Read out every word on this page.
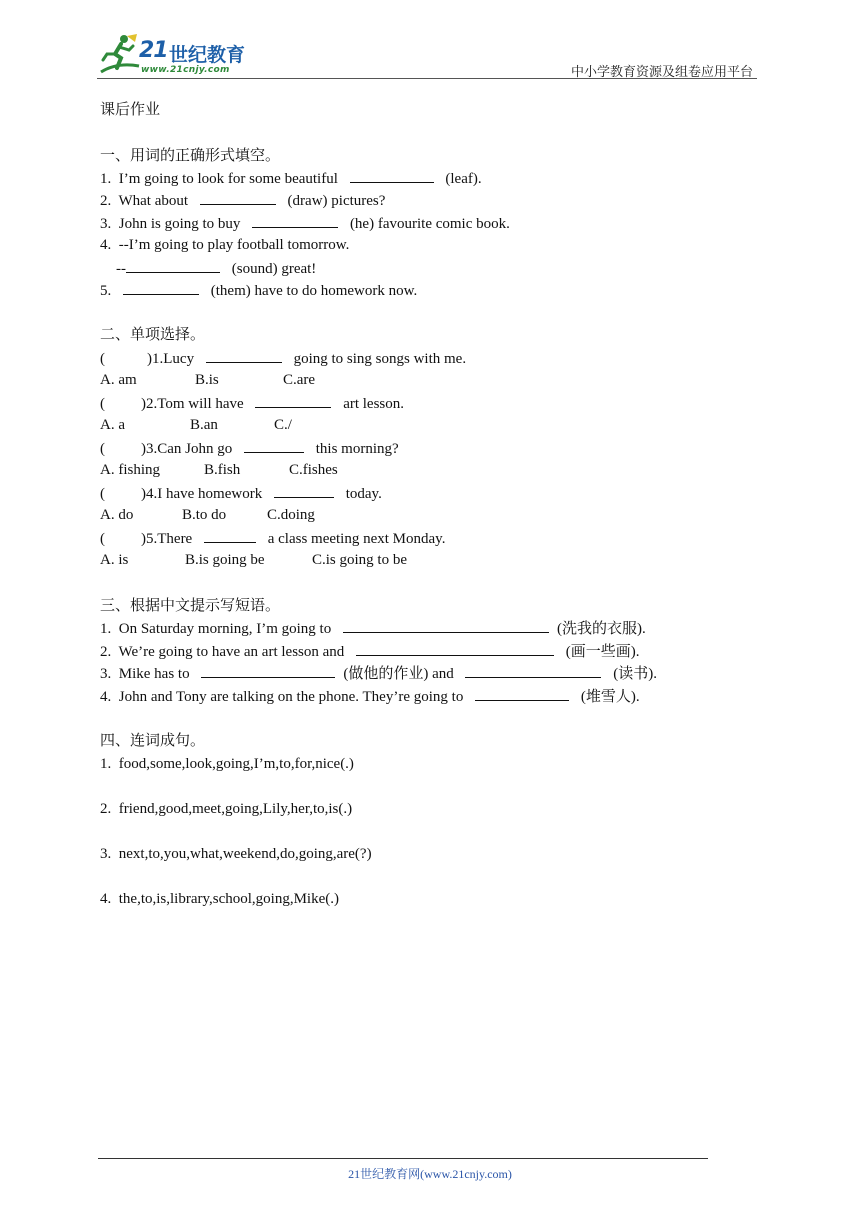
21 世纪教育
www.21cnjy.com	中小学教育资源及组卷应用平台
课后作业
一、用词的正确形式填空。
1. I’m going to look for some beautiful	(leaf).
2. What about	(draw) pictures?
3. John is going to buy	(he) favourite comic book.
4. --I’m going to play football tomorrow.
--	(sound) great!
5.	(them) have to do homework now.
二、单项选择。
(	)1.Lucy	going to sing songs with me.
A. am	B.is	C.are
( )2.Tom will have	art lesson.
A. a	B.an	C./
( )3.Can John go	this morning?
A. fishing	B.fish	C.fishes
( )4.I have homework	today.
A. do	B.to do	C.doing
( )5.There	a class meeting next Monday.
A. is	B.is going be	C.is going to be
三、根据中文提示写短语。
1. On Saturday morning, I’m going to	(洗我的衣服).
2. We’re going to have an art lesson and	(画一些画).
3. Mike has to	(做他的作业) and	(读书).
4. John and Tony are talking on the phone. They’re going to	(堆雪人).
四、连词成句。
1. food,some,look,going,I’m,to,for,nice(.)
2. friend,good,meet,going,Lily,her,to,is(.)
3. next,to,you,what,weekend,do,going,are(?)
4. the,to,is,library,school,going,Mike(.)
21世纪教育网(www.21cnjy.com)
